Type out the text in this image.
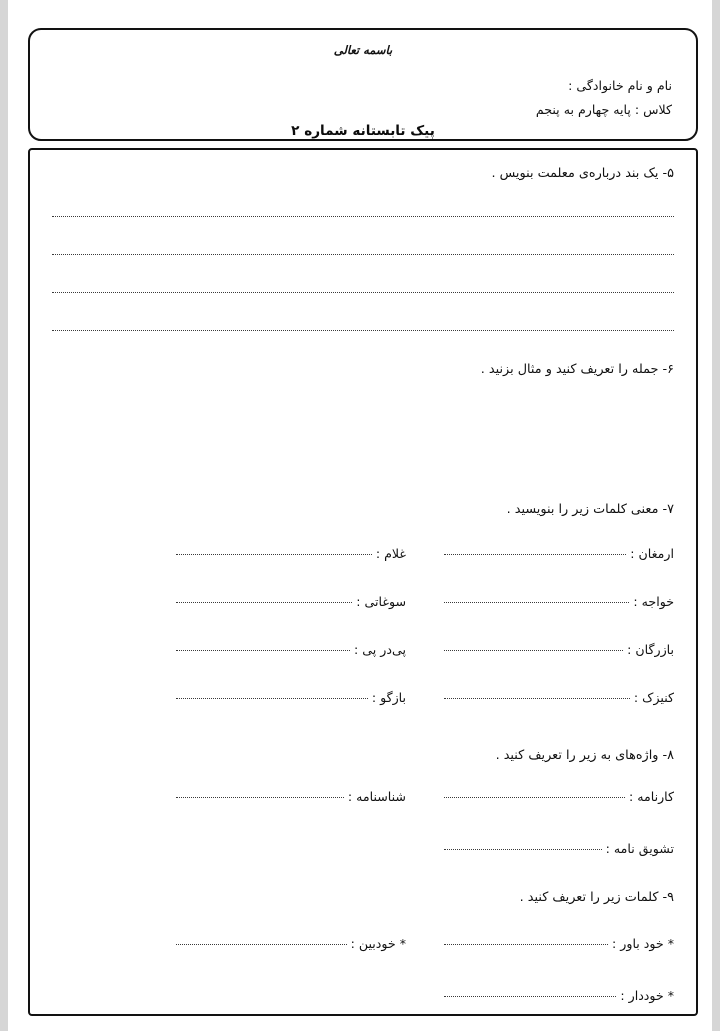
باسمه تعالی
نام و نام خانوادگی :
کلاس : پایه چهارم به پنجم
پیک تابستانه شماره ۲
۵- یک بند درباره‌ی معلمت بنویس .
۶- جمله را تعریف کنید و مثال بزنید .
۷- معنی کلمات زیر را بنویسید .
ارمغان
:
غلام
:
خواجه
:
سوغاتی
:
بازرگان
:
پی‌در پی
:
کنیزک
:
بازگو
:
۸- واژه‌های به زیر را تعریف کنید .
کارنامه
:
شناسنامه
:
تشویق نامه
:
۹- کلمات زیر را تعریف کنید .
* خود باور
:
* خودبین
:
* خوددار
:
